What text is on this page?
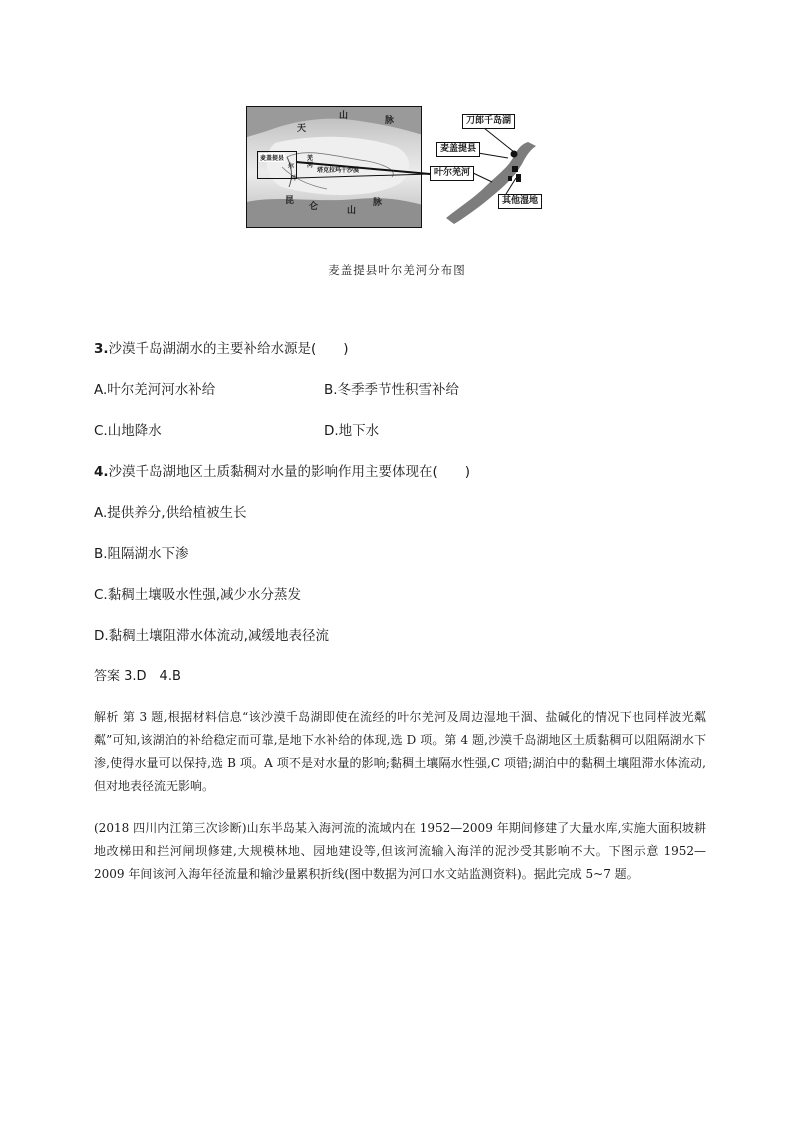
天
山	脉
昆
仑	山
脉
麦盖提县
尔
羌
河
叶
塔克拉玛干沙漠
刀郎千岛湖
麦盖提县
叶尔羌河
其他湿地
麦盖提县叶尔羌河分布图
3.沙漠千岛湖湖水的主要补给水源是(　　)
A.叶尔羌河河水补给	B.冬季季节性积雪补给
C.山地降水	D.地下水
4.沙漠千岛湖地区土质黏稠对水量的影响作用主要体现在(　　)
A.提供养分,供给植被生长
B.阻隔湖水下渗
C.黏稠土壤吸水性强,减少水分蒸发
D.黏稠土壤阻滞水体流动,减缓地表径流
答案 3.D　4.B
解析 第 3 题,根据材料信息“该沙漠千岛湖即使在流经的叶尔羌河及周边湿地干涸、盐碱化的情况下也同样波光粼粼”可知,该湖泊的补给稳定而可靠,是地下水补给的体现,选 D 项。第 4 题,沙漠千岛湖地区土质黏稠可以阻隔湖水下渗,使得水量可以保持,选 B 项。A 项不是对水量的影响;黏稠土壤隔水性强,C 项错;湖泊中的黏稠土壤阻滞水体流动,但对地表径流无影响。
(2018 四川内江第三次诊断)山东半岛某入海河流的流域内在 1952—2009 年期间修建了大量水库,实施大面积坡耕地改梯田和拦河闸坝修建,大规模林地、园地建设等,但该河流输入海洋的泥沙受其影响不大。下图示意 1952—2009 年间该河入海年径流量和输沙量累积折线(图中数据为河口水文站监测资料)。据此完成 5~7 题。
